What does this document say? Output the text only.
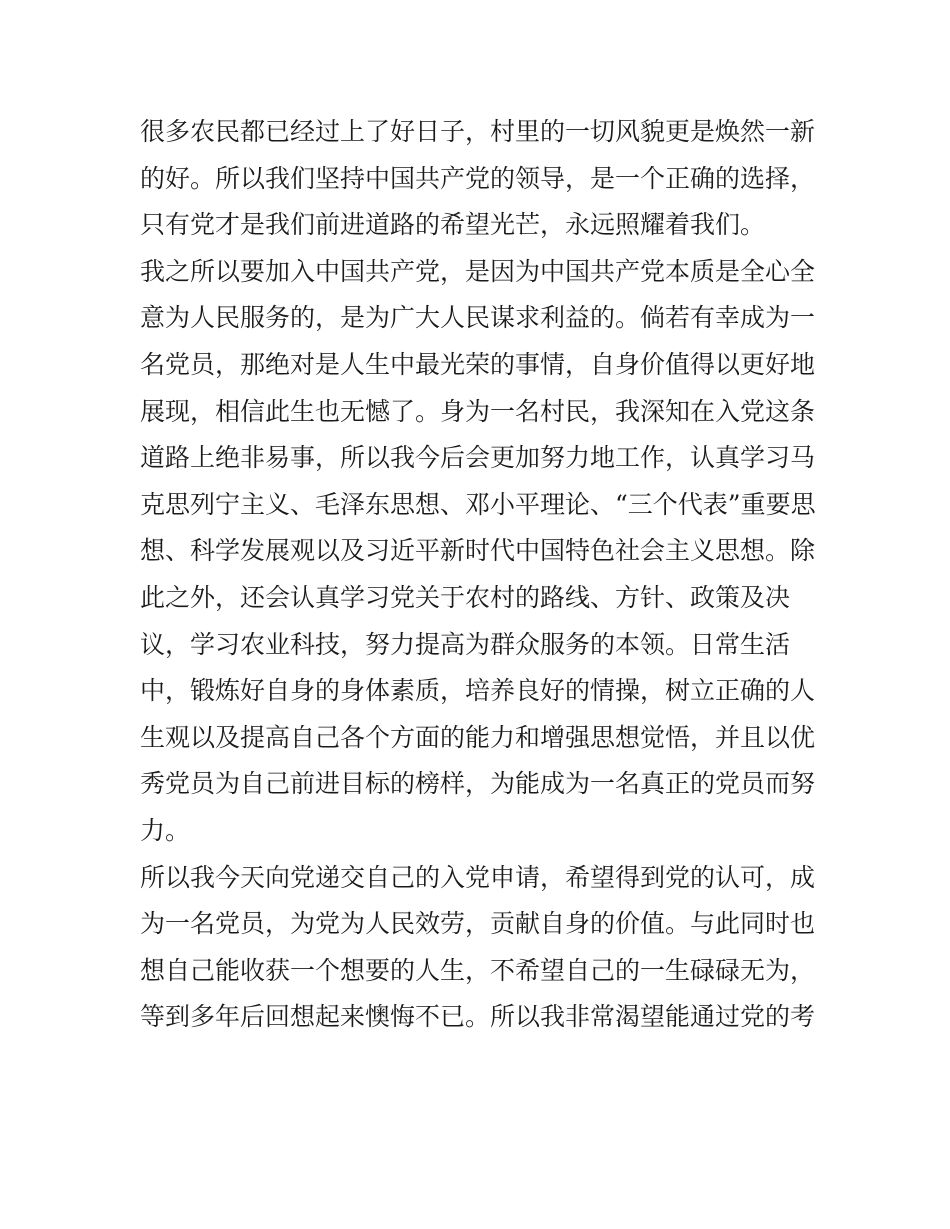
很多农民都已经过上了好日子，村里的一切风貌更是焕然一新
的好。所以我们坚持中国共产党的领导，是一个正确的选择，
只有党才是我们前进道路的希望光芒，永远照耀着我们。
我之所以要加入中国共产党，是因为中国共产党本质是全心全
意为人民服务的，是为广大人民谋求利益的。倘若有幸成为一
名党员，那绝对是人生中最光荣的事情，自身价值得以更好地
展现，相信此生也无憾了。身为一名村民，我深知在入党这条
道路上绝非易事，所以我今后会更加努力地工作，认真学习马
克思列宁主义、毛泽东思想、邓小平理论、“三个代表”重要思
想、科学发展观以及习近平新时代中国特色社会主义思想。除
此之外，还会认真学习党关于农村的路线、方针、政策及决
议，学习农业科技，努力提高为群众服务的本领。日常生活
中，锻炼好自身的身体素质，培养良好的情操，树立正确的人
生观以及提高自己各个方面的能力和增强思想觉悟，并且以优
秀党员为自己前进目标的榜样，为能成为一名真正的党员而努
力。
所以我今天向党递交自己的入党申请，希望得到党的认可，成
为一名党员，为党为人民效劳，贡献自身的价值。与此同时也
想自己能收获一个想要的人生，不希望自己的一生碌碌无为，
等到多年后回想起来懊悔不已。所以我非常渴望能通过党的考
